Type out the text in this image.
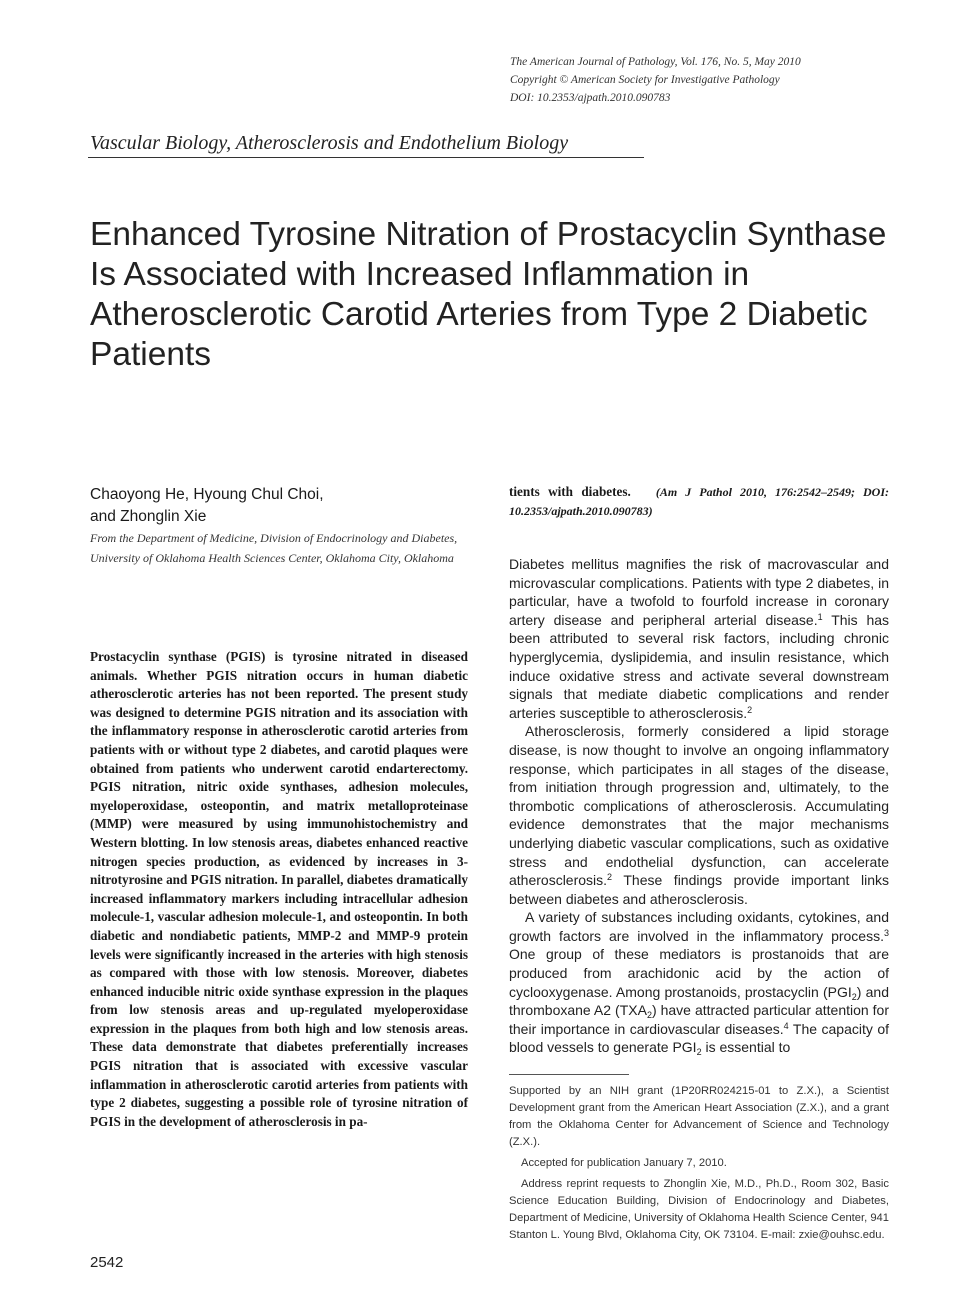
The American Journal of Pathology, Vol. 176, No. 5, May 2010
Copyright © American Society for Investigative Pathology
DOI: 10.2353/ajpath.2010.090783
Vascular Biology, Atherosclerosis and Endothelium Biology
Enhanced Tyrosine Nitration of Prostacyclin Synthase Is Associated with Increased Inflammation in Atherosclerotic Carotid Arteries from Type 2 Diabetic Patients
Chaoyong He, Hyoung Chul Choi,
and Zhonglin Xie
From the Department of Medicine, Division of Endocrinology and Diabetes, University of Oklahoma Health Sciences Center, Oklahoma City, Oklahoma

Prostacyclin synthase (PGIS) is tyrosine nitrated in diseased animals. Whether PGIS nitration occurs in human diabetic atherosclerotic arteries has not been reported. The present study was designed to determine PGIS nitration and its association with the inflammatory response in atherosclerotic carotid arteries from patients with or without type 2 diabetes, and carotid plaques were obtained from patients who underwent carotid endarterectomy. PGIS nitration, nitric oxide synthases, adhesion molecules, myeloperoxidase, osteopontin, and matrix metalloproteinase (MMP) were measured by using immunohistochemistry and Western blotting. In low stenosis areas, diabetes enhanced reactive nitrogen species production, as evidenced by increases in 3-nitrotyrosine and PGIS nitration. In parallel, diabetes dramatically increased inflammatory markers including intracellular adhesion molecule-1, vascular adhesion molecule-1, and osteopontin. In both diabetic and nondiabetic patients, MMP-2 and MMP-9 protein levels were significantly increased in the arteries with high stenosis as compared with those with low stenosis. Moreover, diabetes enhanced inducible nitric oxide synthase expression in the plaques from low stenosis areas and up-regulated myeloperoxidase expression in the plaques from both high and low stenosis areas. These data demonstrate that diabetes preferentially increases PGIS nitration that is associated with excessive vascular inflammation in atherosclerotic carotid arteries from patients with type 2 diabetes, suggesting a possible role of tyrosine nitration of PGIS in the development of atherosclerosis in pa-

tients with diabetes. (Am J Pathol 2010, 176:2542–2549; DOI: 10.2353/ajpath.2010.090783)

Diabetes mellitus magnifies the risk of macrovascular and microvascular complications. Patients with type 2 diabetes, in particular, have a twofold to fourfold increase in coronary artery disease and peripheral arterial disease.$^1$ This has been attributed to several risk factors, including chronic hyperglycemia, dyslipidemia, and insulin resistance, which induce oxidative stress and activate several downstream signals that mediate diabetic complications and render arteries susceptible to atherosclerosis.$^2$

Atherosclerosis, formerly considered a lipid storage disease, is now thought to involve an ongoing inflammatory response, which participates in all stages of the disease, from initiation through progression and, ultimately, to the thrombotic complications of atherosclerosis. Accumulating evidence demonstrates that the major mechanisms underlying diabetic vascular complications, such as oxidative stress and endothelial dysfunction, can accelerate atherosclerosis.$^2$ These findings provide important links between diabetes and atherosclerosis.

A variety of substances including oxidants, cytokines, and growth factors are involved in the inflammatory process.$^3$ One group of these mediators is prostanoids that are produced from arachidonic acid by the action of cyclooxygenase. Among prostanoids, prostacyclin $(PGI_2)$ and thromboxane A2 $(TXA_2)$ have attracted particular attention for their importance in cardiovascular diseases.$^4$ The capacity of blood vessels to generate $PGI_2$ is essential to

Supported by an NIH grant (1P20RR024215-01 to Z.X.), a Scientist Development grant from the American Heart Association (Z.X.), and a grant from the Oklahoma Center for Advancement of Science and Technology (Z.X.).

Accepted for publication January 7, 2010.

Address reprint requests to Zhonglin Xie, M.D., Ph.D., Room 302, Basic Science Education Building, Division of Endocrinology and Diabetes, Department of Medicine, University of Oklahoma Health Science Center, 941 Stanton L. Young Blvd, Oklahoma City, OK 73104. E-mail: zxie@ouhsc.edu.

2542
